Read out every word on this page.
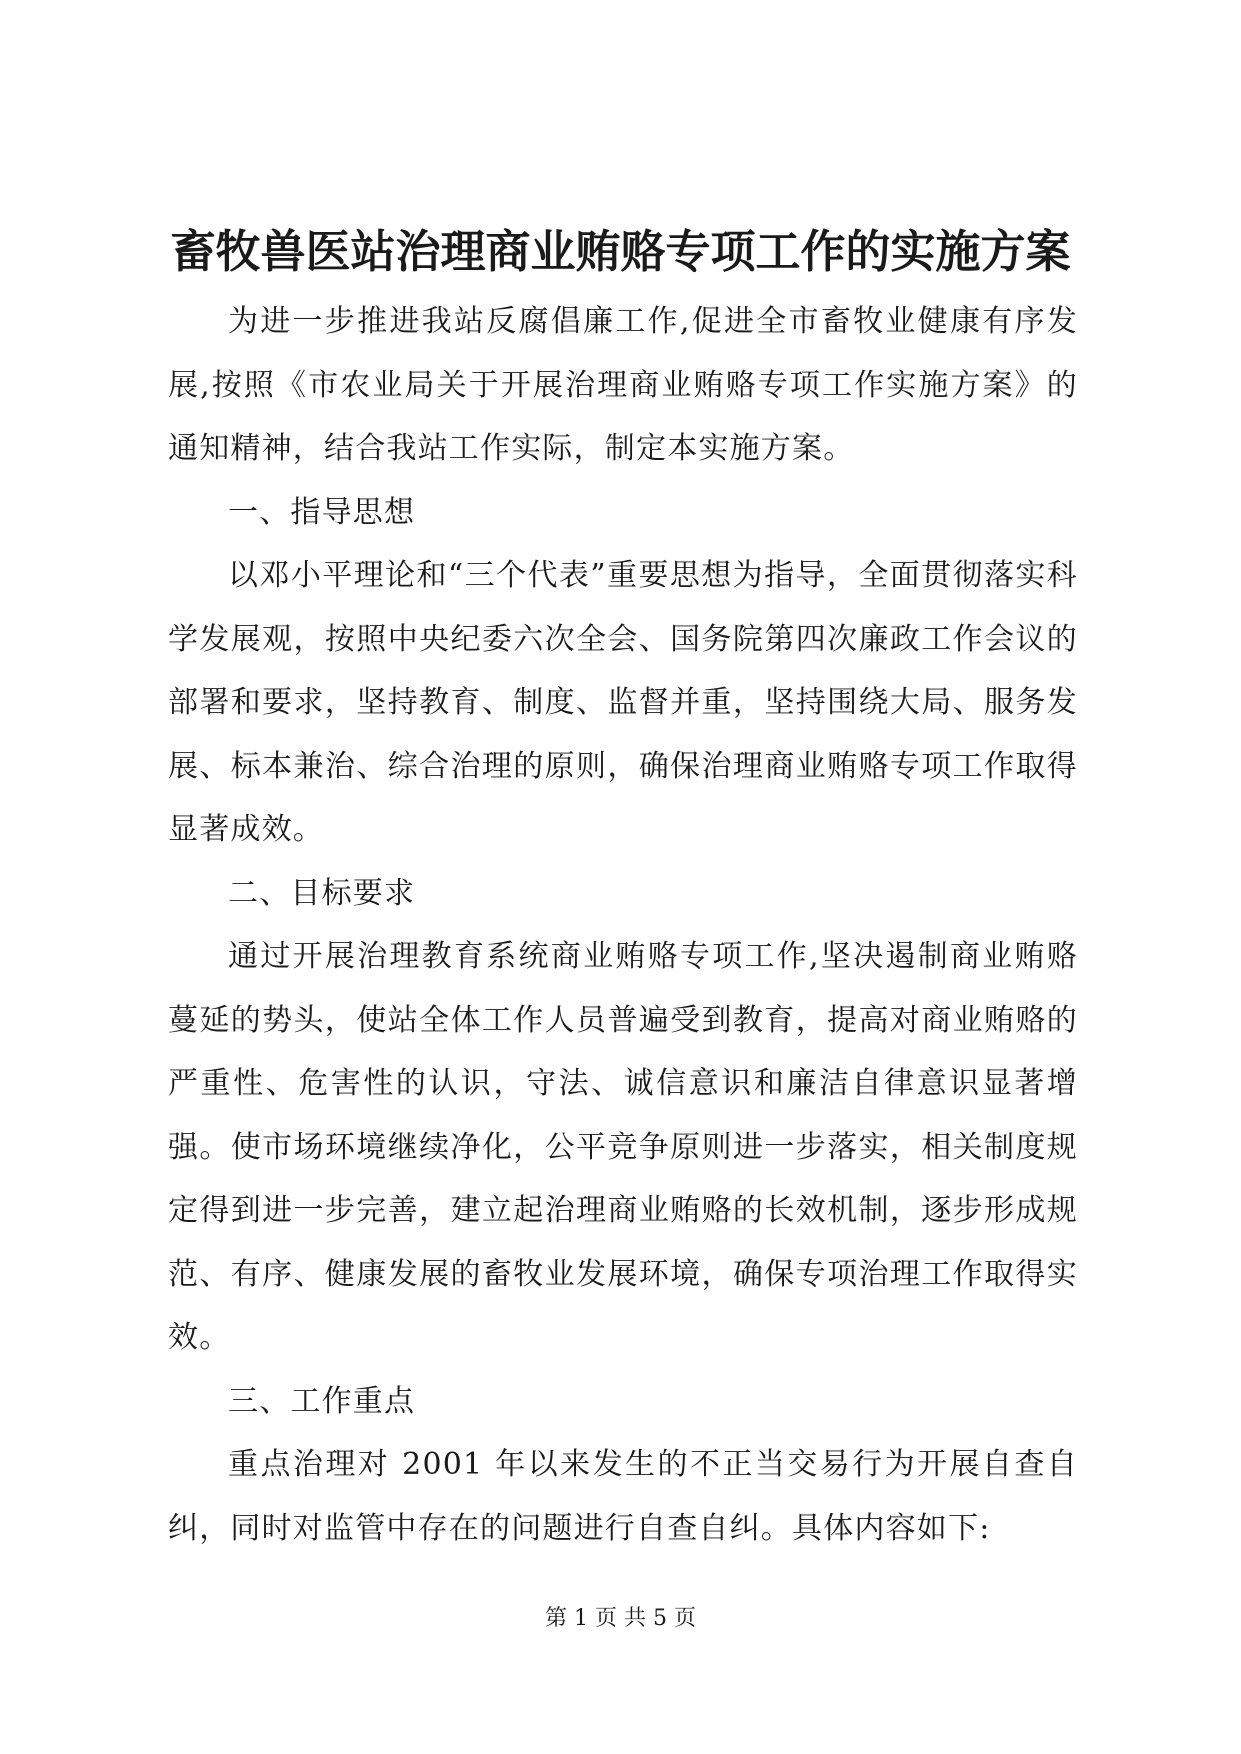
畜牧兽医站治理商业贿赂专项工作的实施方案

为进一步推进我站反腐倡廉工作,促进全市畜牧业健康有序发展,按照《市农业局关于开展治理商业贿赂专项工作实施方案》的通知精神，结合我站工作实际，制定本实施方案。

一、指导思想

以邓小平理论和“三个代表”重要思想为指导，全面贯彻落实科学发展观，按照中央纪委六次全会、国务院第四次廉政工作会议的部署和要求，坚持教育、制度、监督并重，坚持围绕大局、服务发展、标本兼治、综合治理的原则，确保治理商业贿赂专项工作取得显著成效。

二、目标要求

通过开展治理教育系统商业贿赂专项工作,坚决遏制商业贿赂蔓延的势头，使站全体工作人员普遍受到教育，提高对商业贿赂的严重性、危害性的认识，守法、诚信意识和廉洁自律意识显著增强。使市场环境继续净化，公平竞争原则进一步落实，相关制度规定得到进一步完善，建立起治理商业贿赂的长效机制，逐步形成规范、有序、健康发展的畜牧业发展环境，确保专项治理工作取得实效。

三、工作重点

重点治理对 2001 年以来发生的不正当交易行为开展自查自纠，同时对监管中存在的问题进行自查自纠。具体内容如下:

第 1 页 共 5 页
